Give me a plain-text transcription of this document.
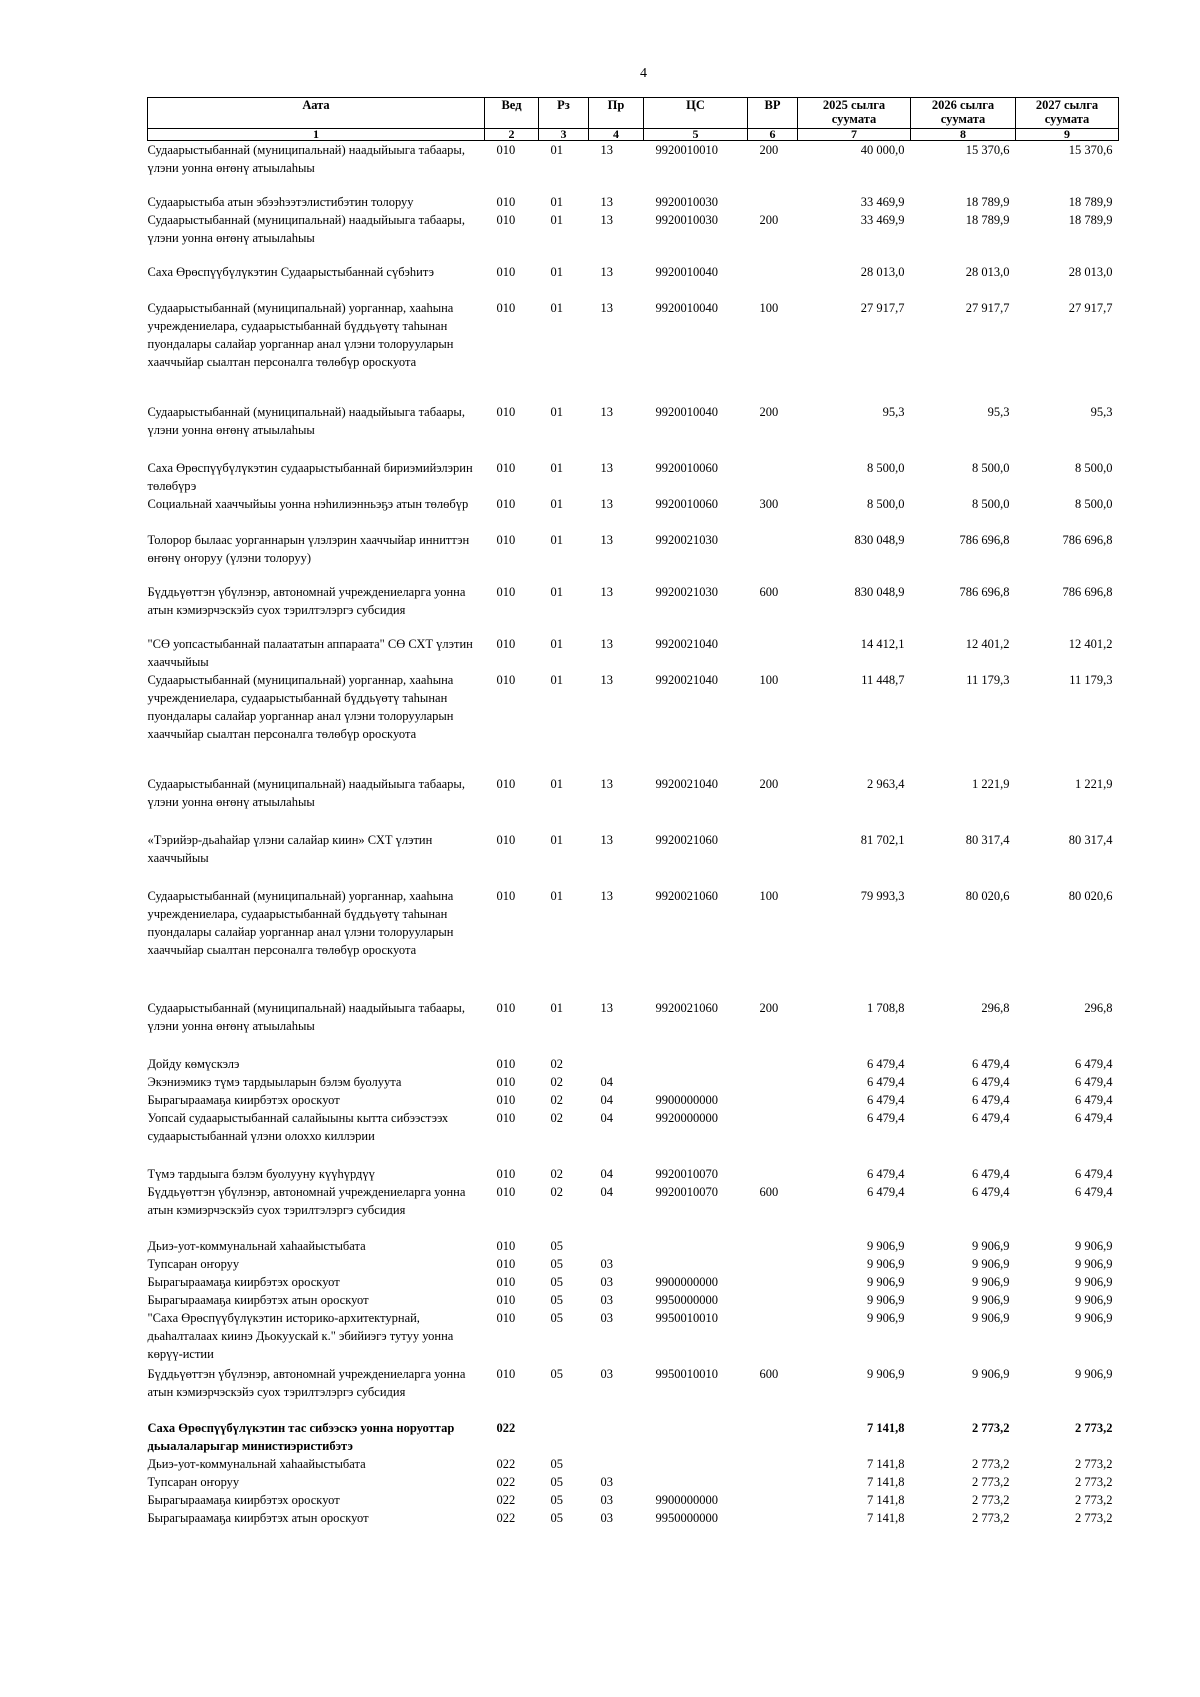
4
Аата	Вед	Рз	Пр	ЦС	ВР	2025 сылга суумата	2026 сылга суумата	2027 сылга суумата
1	2	3	4	5	6	7	8	9
Судаарыстыбаннай (муниципальнай) наадыйыыга табаары, үлэни уонна өҥөнү атыылаһыы	010	01	13	9920010010	200	40 000,0	15 370,6	15 370,6
Судаарыстыба атын эбээһээтэлистибэтин толоруу	010	01	13	9920010030		33 469,9	18 789,9	18 789,9
Судаарыстыбаннай (муниципальнай) наадыйыыга табаары, үлэни уонна өҥөнү атыылаһыы	010	01	13	9920010030	200	33 469,9	18 789,9	18 789,9
Саха Өрөспүүбүлүкэтин Судаарыстыбаннай сүбэһитэ	010	01	13	9920010040		28 013,0	28 013,0	28 013,0
Судаарыстыбаннай (муниципальнай) уорганнар, хааһына учреждениелара, судаарыстыбаннай бүддьүөтү таһынан пуондалары салайар уорганнар анал үлэни толорууларын хааччыйар сыалтан персоналга төлөбүр ороскуота	010	01	13	9920010040	100	27 917,7	27 917,7	27 917,7
Судаарыстыбаннай (муниципальнай) наадыйыыга табаары, үлэни уонна өҥөнү атыылаһыы	010	01	13	9920010040	200	95,3	95,3	95,3
Саха Өрөспүүбүлүкэтин судаарыстыбаннай бириэмийэлэрин төлөбүрэ	010	01	13	9920010060		8 500,0	8 500,0	8 500,0
Социальнай хааччыйыы уонна нэһилиэнньэҕэ атын төлөбүр	010	01	13	9920010060	300	8 500,0	8 500,0	8 500,0
Толорор былаас уорганнарын үлэлэрин хааччыйар инниттэн өҥөнү оҥоруу (үлэни толоруу)	010	01	13	9920021030		830 048,9	786 696,8	786 696,8
Бүддьүөттэн үбүлэнэр, автономнай учреждениеларга уонна атын кэмиэрчэскэйэ суох тэрилтэлэргэ субсидия	010	01	13	9920021030	600	830 048,9	786 696,8	786 696,8
"СӨ уопсастыбаннай палаататын аппараата" СӨ СХТ үлэтин хааччыйыы	010	01	13	9920021040		14 412,1	12 401,2	12 401,2
Судаарыстыбаннай (муниципальнай) уорганнар, хааһына учреждениелара, судаарыстыбаннай бүддьүөтү таһынан пуондалары салайар уорганнар анал үлэни толорууларын хааччыйар сыалтан персоналга төлөбүр ороскуота	010	01	13	9920021040	100	11 448,7	11 179,3	11 179,3
Судаарыстыбаннай (муниципальнай) наадыйыыга табаары, үлэни уонна өҥөнү атыылаһыы	010	01	13	9920021040	200	2 963,4	1 221,9	1 221,9
«Тэрийэр-дьаһайар үлэни салайар киин» СХТ үлэтин хааччыйыы	010	01	13	9920021060		81 702,1	80 317,4	80 317,4
Судаарыстыбаннай (муниципальнай) уорганнар, хааһына учреждениелара, судаарыстыбаннай бүддьүөтү таһынан пуондалары салайар уорганнар анал үлэни толорууларын хааччыйар сыалтан персоналга төлөбүр ороскуота	010	01	13	9920021060	100	79 993,3	80 020,6	80 020,6
Судаарыстыбаннай (муниципальнай) наадыйыыга табаары, үлэни уонна өҥөнү атыылаһыы	010	01	13	9920021060	200	1 708,8	296,8	296,8
Дойду көмүскэлэ	010	02				6 479,4	6 479,4	6 479,4
Экэниэмикэ түмэ тардыыларын бэлэм буолуута	010	02	04			6 479,4	6 479,4	6 479,4
Бырагыраамаҕа киирбэтэх ороскуот	010	02	04	9900000000		6 479,4	6 479,4	6 479,4
Уопсай судаарыстыбаннай салайыыны кытта сибээстээх судаарыстыбаннай үлэни олоххо киллэрии	010	02	04	9920000000		6 479,4	6 479,4	6 479,4
Түмэ тардыыга бэлэм буолууну күүһүрдүү	010	02	04	9920010070		6 479,4	6 479,4	6 479,4
Бүддьүөттэн үбүлэнэр, автономнай учреждениеларга уонна атын кэмиэрчэскэйэ суох тэрилтэлэргэ субсидия	010	02	04	9920010070	600	6 479,4	6 479,4	6 479,4
Дьиэ-уот-коммунальнай хаһаайыстыбата	010	05				9 906,9	9 906,9	9 906,9
Тупсаран оҥоруу	010	05	03			9 906,9	9 906,9	9 906,9
Бырагыраамаҕа киирбэтэх ороскуот	010	05	03	9900000000		9 906,9	9 906,9	9 906,9
Бырагыраамаҕа киирбэтэх атын ороскуот	010	05	03	9950000000		9 906,9	9 906,9	9 906,9
"Саха Өрөспүүбүлүкэтин историко-архитектурнай, дьаһалталаах киинэ Дьокуускай к." эбийиэгэ тутуу уонна көрүү-истии	010	05	03	9950010010		9 906,9	9 906,9	9 906,9
Бүддьүөттэн үбүлэнэр, автономнай учреждениеларга уонна атын кэмиэрчэскэйэ суох тэрилтэлэргэ субсидия	010	05	03	9950010010	600	9 906,9	9 906,9	9 906,9
Саха Өрөспүүбүлүкэтин тас сибээскэ уонна норуоттар дьыалаларыгар министиэристибэтэ	022					7 141,8	2 773,2	2 773,2
Дьиэ-уот-коммунальнай хаһаайыстыбата	022	05				7 141,8	2 773,2	2 773,2
Тупсаран оҥоруу	022	05	03			7 141,8	2 773,2	2 773,2
Бырагыраамаҕа киирбэтэх ороскуот	022	05	03	9900000000		7 141,8	2 773,2	2 773,2
Бырагыраамаҕа киирбэтэх атын ороскуот	022	05	03	9950000000		7 141,8	2 773,2	2 773,2
